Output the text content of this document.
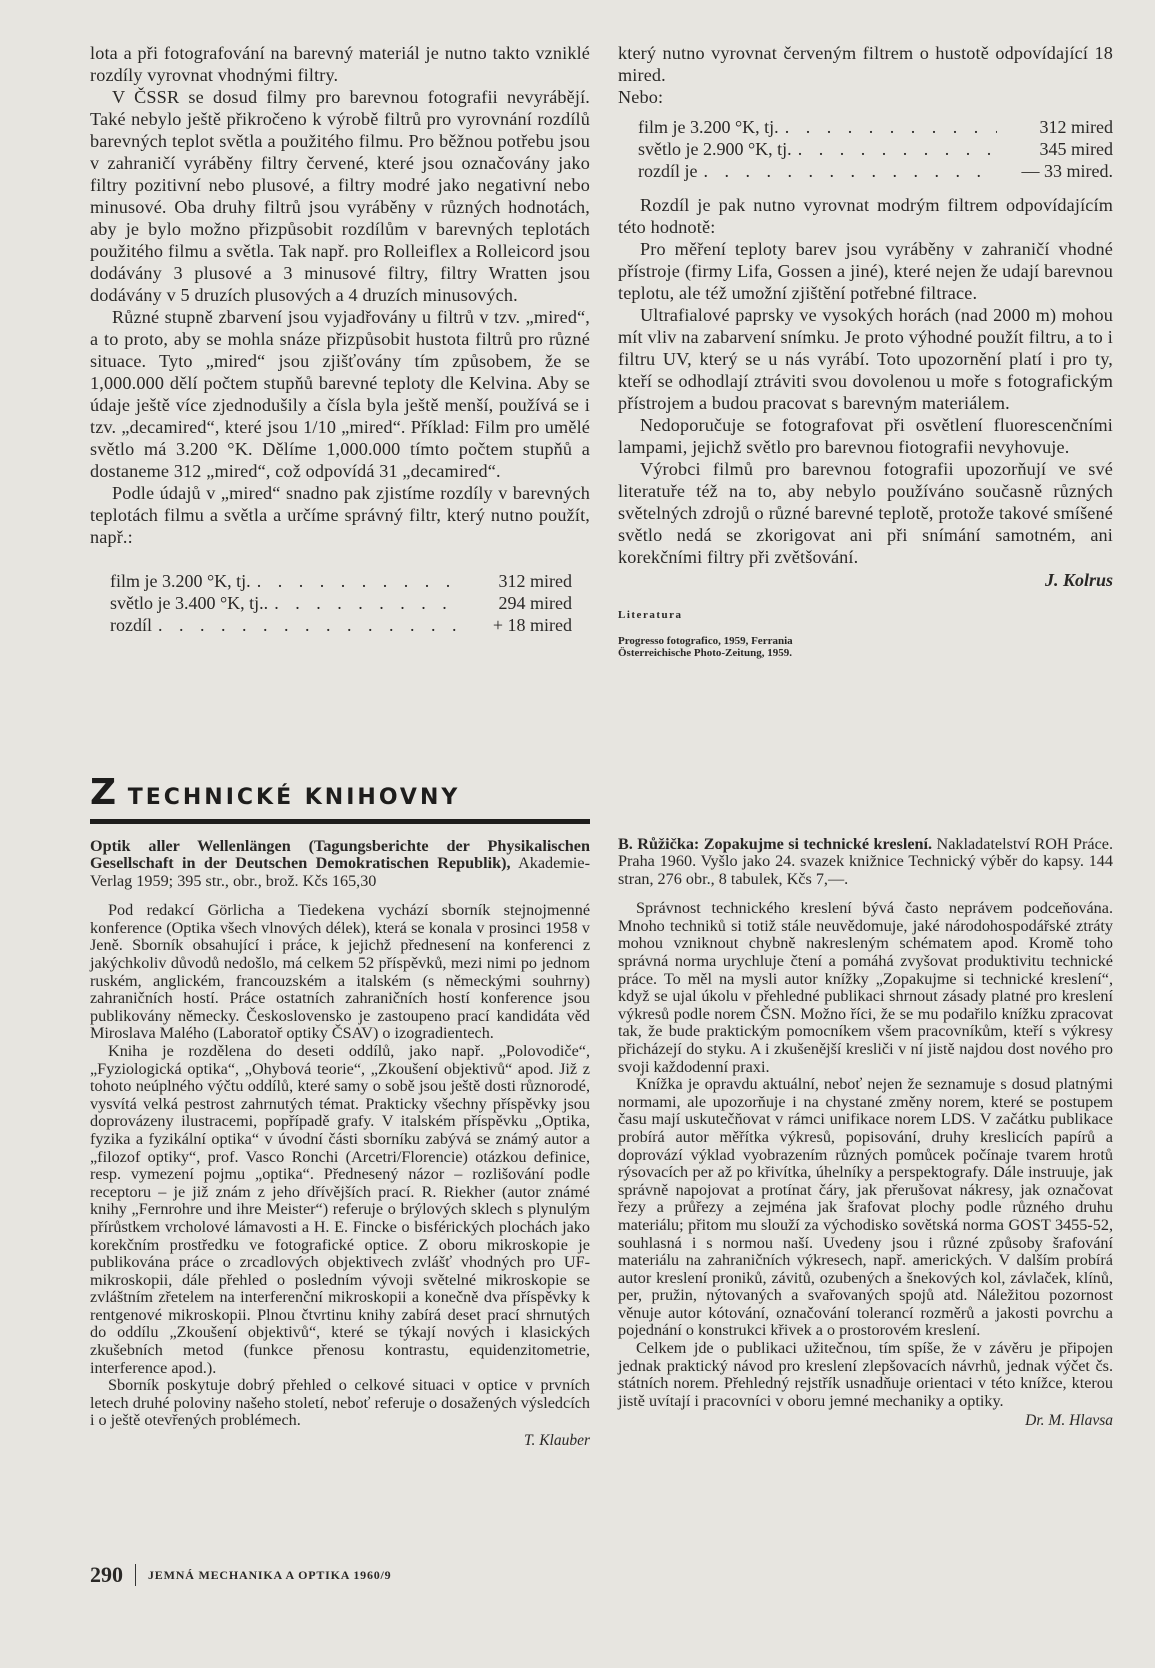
lota a při fotografování na barevný materiál je nutno takto vzniklé rozdíly vyrovnat vhodnými filtry.

V ČSSR se dosud filmy pro barevnou fotografii nevyrábějí. Také nebylo ještě přikročeno k výrobě filtrů pro vyrovnání rozdílů barevných teplot světla a použitého filmu. Pro běžnou potřebu jsou v zahraničí vyráběny filtry červené, které jsou označovány jako filtry pozitivní nebo plusové, a filtry modré jako negativní nebo minusové. Oba druhy filtrů jsou vyráběny v různých hodnotách, aby je bylo možno přizpůsobit rozdílům v barevných teplotách použitého filmu a světla. Tak např. pro Rolleiflex a Rolleicord jsou dodávány 3 plusové a 3 minusové filtry, filtry Wratten jsou dodávány v 5 druzích plusových a 4 druzích minusových.

Různé stupně zbarvení jsou vyjadřovány u filtrů v tzv. „mired“, a to proto, aby se mohla snáze přizpůsobit hustota filtrů pro různé situace. Tyto „mired“ jsou zjišťovány tím způsobem, že se 1,000.000 dělí počtem stupňů barevné teploty dle Kelvina. Aby se údaje ještě více zjednodušily a čísla byla ještě menší, používá se i tzv. „decamired“, které jsou 1/10 „mired“. Příklad: Film pro umělé světlo má 3.200 °K. Dělíme 1,000.000 tímto počtem stupňů a dostaneme 312 „mired“, což odpovídá 31 „decamired“.

Podle údajů v „mired“ snadno pak zjistíme rozdíly v barevných teplotách filmu a světla a určíme správný filtr, který nutno použít, např.:

film je 3.200 °K, tj. . . .	312 mired
světlo je 3.400 °K, tj.. . . .	294 mired
rozdíl . . .	+ 18 mired

který nutno vyrovnat červeným filtrem o hustotě odpovídající 18 mired.

Nebo:

film je 3.200 °K, tj. . . .	312 mired
světlo je 2.900 °K, tj. . . .	345 mired
rozdíl je . . .	— 33 mired.

Rozdíl je pak nutno vyrovnat modrým filtrem odpovídajícím této hodnotě:

Pro měření teploty barev jsou vyráběny v zahraničí vhodné přístroje (firmy Lifa, Gossen a jiné), které nejen že udají barevnou teplotu, ale též umožní zjištění potřebné filtrace.

Ultrafialové paprsky ve vysokých horách (nad 2000 m) mohou mít vliv na zabarvení snímku. Je proto výhodné použít filtru, a to i filtru UV, který se u nás vyrábí. Toto upozornění platí i pro ty, kteří se odhodlají ztráviti svou dovolenou u moře s fotografickým přístrojem a budou pracovat s barevným materiálem.

Nedoporučuje se fotografovat při osvětlení fluorescenčními lampami, jejichž světlo pro barevnou fiotografii nevyhovuje.

Výrobci filmů pro barevnou fotografii upozorňují ve své literatuře též na to, aby nebylo používáno současně různých světelných zdrojů o různé barevné teplotě, protože takové smíšené světlo nedá se zkorigovat ani při snímání samotném, ani korekčními filtry při zvětšování.

J. Kolrus
Literatura
Progresso fotografico, 1959, Ferrania
Österreichische Photo-Zeitung, 1959.
Z TECHNICKÉ KNIHOVNY

Optik aller Wellenlängen (Tagungsberichte der Physikalischen Gesellschaft in der Deutschen Demokratischen Republik), Akademie-Verlag 1959; 395 str., obr., brož. Kčs 165,30

Pod redakcí Görlicha a Tiedekena vychází sborník stejnojmenné konference (Optika všech vlnových délek), která se konala v prosinci 1958 v Jeně. Sborník obsahující i práce, k jejichž přednesení na konferenci z jakýchkoliv důvodů nedošlo, má celkem 52 příspěvků, mezi nimi po jednom ruském, anglickém, francouzském a italském (s německými souhrny) zahraničních hostí. Práce ostatních zahraničních hostí konference jsou publikovány německy. Československo je zastoupeno prací kandidáta věd Miroslava Malého (Laboratoř optiky ČSAV) o izogradientech.

Kniha je rozdělena do deseti oddílů, jako např. „Polovodiče“, „Fyziologická optika“, „Ohybová teorie“, „Zkoušení objektivů“ apod. Již z tohoto neúplného výčtu oddílů, které samy o sobě jsou ještě dosti různorodé, vysvítá velká pestrost zahrnutých témat. Prakticky všechny příspěvky jsou doprovázeny ilustracemi, popřípadě grafy. V italském příspěvku „Optika, fyzika a fyzikální optika“ v úvodní části sborníku zabývá se známý autor a „filozof optiky“, prof. Vasco Ronchi (Arcetri/Florencie) otázkou definice, resp. vymezení pojmu „optika“. Přednesený názor – rozlišování podle receptoru – je již znám z jeho dřívějších prací. R. Riekher (autor známé knihy „Fernrohre und ihre Meister“) referuje o brýlových sklech s plynulým přírůstkem vrcholové lámavosti a H. E. Fincke o bisférických plochách jako korekčním prostředku ve fotografické optice. Z oboru mikroskopie je publikována práce o zrcadlových objektivech zvlášť vhodných pro UF-mikroskopii, dále přehled o posledním vývoji světelné mikroskopie se zvláštním zřetelem na interferenční mikroskopii a konečně dva příspěvky k rentgenové mikroskopii. Plnou čtvrtinu knihy zabírá deset prací shrnutých do oddílu „Zkoušení objektivů“, které se týkají nových i klasických zkušebních metod (funkce přenosu kontrastu, equidenzitometrie, interference apod.).

Sborník poskytuje dobrý přehled o celkové situaci v optice v prvních letech druhé poloviny našeho století, neboť referuje o dosažených výsledcích i o ještě otevřených problémech.

T. Klauber

B. Růžička: Zopakujme si technické kreslení. Nakladatelství ROH Práce. Praha 1960. Vyšlo jako 24. svazek knižnice Technický výběr do kapsy. 144 stran, 276 obr., 8 tabulek, Kčs 7,—.

Správnost technického kreslení bývá často neprávem podceňována. Mnoho techniků si totiž stále neuvědomuje, jaké národohospodářské ztráty mohou vzniknout chybně nakresleným schématem apod. Kromě toho správná norma urychluje čtení a pomáhá zvyšovat produktivitu technické práce. To měl na mysli autor knížky „Zopakujme si technické kreslení“, když se ujal úkolu v přehledné publikaci shrnout zásady platné pro kreslení výkresů podle norem ČSN. Možno říci, že se mu podařilo knížku zpracovat tak, že bude praktickým pomocníkem všem pracovníkům, kteří s výkresy přicházejí do styku. A i zkušenější kresliči v ní jistě najdou dost nového pro svoji každodenní praxi.

Knížka je opravdu aktuální, neboť nejen že seznamuje s dosud platnými normami, ale upozorňuje i na chystané změny norem, které se postupem času mají uskutečňovat v rámci unifikace norem LDS. V začátku publikace probírá autor měřítka výkresů, popisování, druhy kreslicích papírů a doprovází výklad vyobrazením různých pomůcek počínaje tvarem hrotů rýsovacích per až po křivítka, úhelníky a perspektografy. Dále instruuje, jak správně napojovat a protínat čáry, jak přerušovat nákresy, jak označovat řezy a průřezy a zejména jak šrafovat plochy podle různého druhu materiálu; přitom mu slouží za východisko sovětská norma GOST 3455-52, souhlasná i s normou naší. Uvedeny jsou i různé způsoby šrafování materiálu na zahraničních výkresech, např. amerických. V dalším probírá autor kreslení proniků, závitů, ozubených a šnekových kol, závlaček, klínů, per, pružin, nýtovaných a svařovaných spojů atd. Náležitou pozornost věnuje autor kótování, označování tolerancí rozměrů a jakosti povrchu a pojednání o konstrukci křivek a o prostorovém kreslení.

Celkem jde o publikaci užitečnou, tím spíše, že v závěru je připojen jednak praktický návod pro kreslení zlepšovacích návrhů, jednak výčet čs. státních norem. Přehledný rejstřík usnadňuje orientaci v této knížce, kterou jistě uvítají i pracovníci v oboru jemné mechaniky a optiky.

Dr. M. Hlavsa
290 JEMNÁ MECHANIKA A OPTIKA 1960/9
